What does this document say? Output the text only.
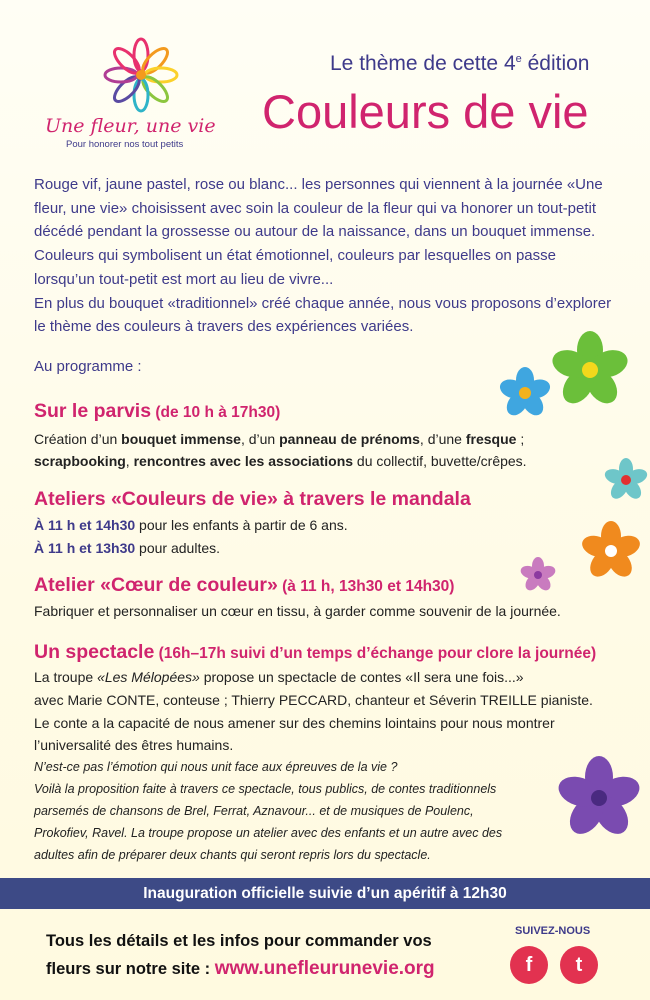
Une fleur, une vie
Pour honorer nos tout petits
Le thème de cette 4e édition
Couleurs de vie

Rouge vif, jaune pastel, rose ou blanc... les personnes qui viennent à la journée «Une fleur, une vie» choisissent avec soin la couleur de la fleur qui va honorer un tout-petit décédé pendant la grossesse ou autour de la naissance, dans un bouquet immense. Couleurs qui symbolisent un état émotionnel, couleurs par lesquelles on passe lorsqu’un tout-petit est mort au lieu de vivre...

En plus du bouquet «traditionnel» créé chaque année, nous vous proposons d’explorer le thème des couleurs à travers des expériences variées.

Au programme :
Sur le parvis (de 10 h à 17h30)
Création d’un bouquet immense, d’un panneau de prénoms, d’une fresque ;
scrapbooking, rencontres avec les associations du collectif, buvette/crêpes.
Ateliers «Couleurs de vie» à travers le mandala
À 11 h et 14h30 pour les enfants à partir de 6 ans.
À 11 h et 13h30 pour adultes.
Atelier «Cœur de couleur» (à 11 h, 13h30 et 14h30)
Fabriquer et personnaliser un cœur en tissu, à garder comme souvenir de la journée.
Un spectacle (16h–17h suivi d’un temps d’échange pour clore la journée)
La troupe «Les Mélopées» propose un spectacle de contes «Il sera une fois...»
avec Marie CONTE, conteuse ; Thierry PECCARD, chanteur et Séverin TREILLE pianiste.
Le conte a la capacité de nous amener sur des chemins lointains pour nous montrer
l’universalité des êtres humains.
N’est-ce pas l’émotion qui nous unit face aux épreuves de la vie ?
Voilà la proposition faite à travers ce spectacle, tous publics, de contes traditionnels
parsemés de chansons de Brel, Ferrat, Aznavour... et de musiques de Poulenc,
Prokofiev, Ravel. La troupe propose un atelier avec des enfants et un autre avec des
adultes afin de préparer deux chants qui seront repris lors du spectacle.
Inauguration officielle suivie d’un apéritif à 12h30
Tous les détails et les infos pour commander vos
fleurs sur notre site : www.unefleurunevie.org
SUIVEZ-NOUS
f	t
